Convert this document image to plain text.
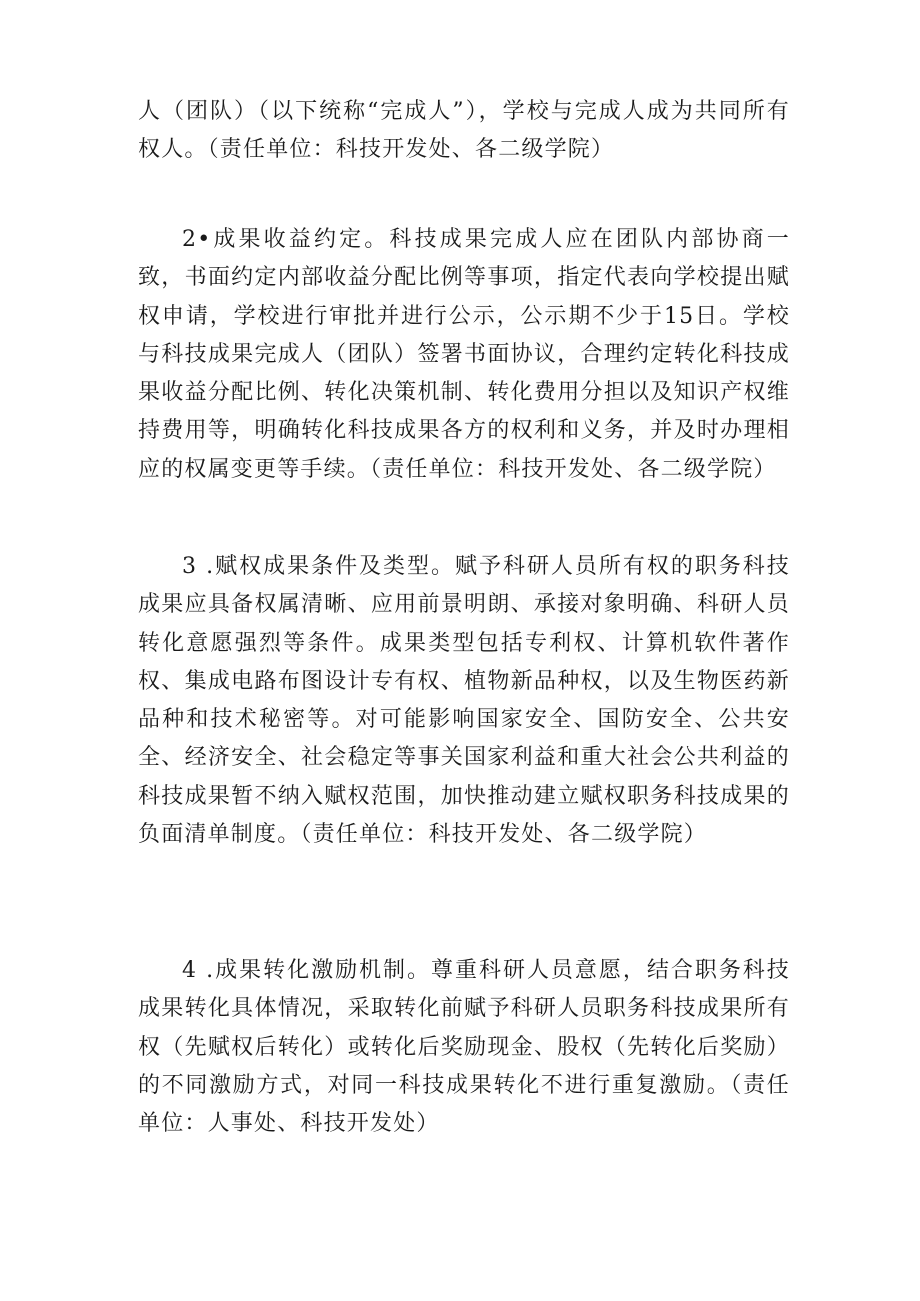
人（团队）（以下统称“完成人”），学校与完成人成为共同所有权人。（责任单位：科技开发处、各二级学院）

2•成果收益约定。科技成果完成人应在团队内部协商一致，书面约定内部收益分配比例等事项，指定代表向学校提出赋权申请，学校进行审批并进行公示，公示期不少于15日。学校与科技成果完成人（团队）签署书面协议，合理约定转化科技成果收益分配比例、转化决策机制、转化费用分担以及知识产权维持费用等，明确转化科技成果各方的权利和义务，并及时办理相应的权属变更等手续。（责任单位：科技开发处、各二级学院）

3 .赋权成果条件及类型。赋予科研人员所有权的职务科技成果应具备权属清晰、应用前景明朗、承接对象明确、科研人员转化意愿强烈等条件。成果类型包括专利权、计算机软件著作权、集成电路布图设计专有权、植物新品种权，以及生物医药新品种和技术秘密等。对可能影响国家安全、国防安全、公共安全、经济安全、社会稳定等事关国家利益和重大社会公共利益的科技成果暂不纳入赋权范围，加快推动建立赋权职务科技成果的负面清单制度。（责任单位：科技开发处、各二级学院）

4 .成果转化激励机制。尊重科研人员意愿，结合职务科技成果转化具体情况，采取转化前赋予科研人员职务科技成果所有权（先赋权后转化）或转化后奖励现金、股权（先转化后奖励）的不同激励方式，对同一科技成果转化不进行重复激励。（责任单位：人事处、科技开发处）
